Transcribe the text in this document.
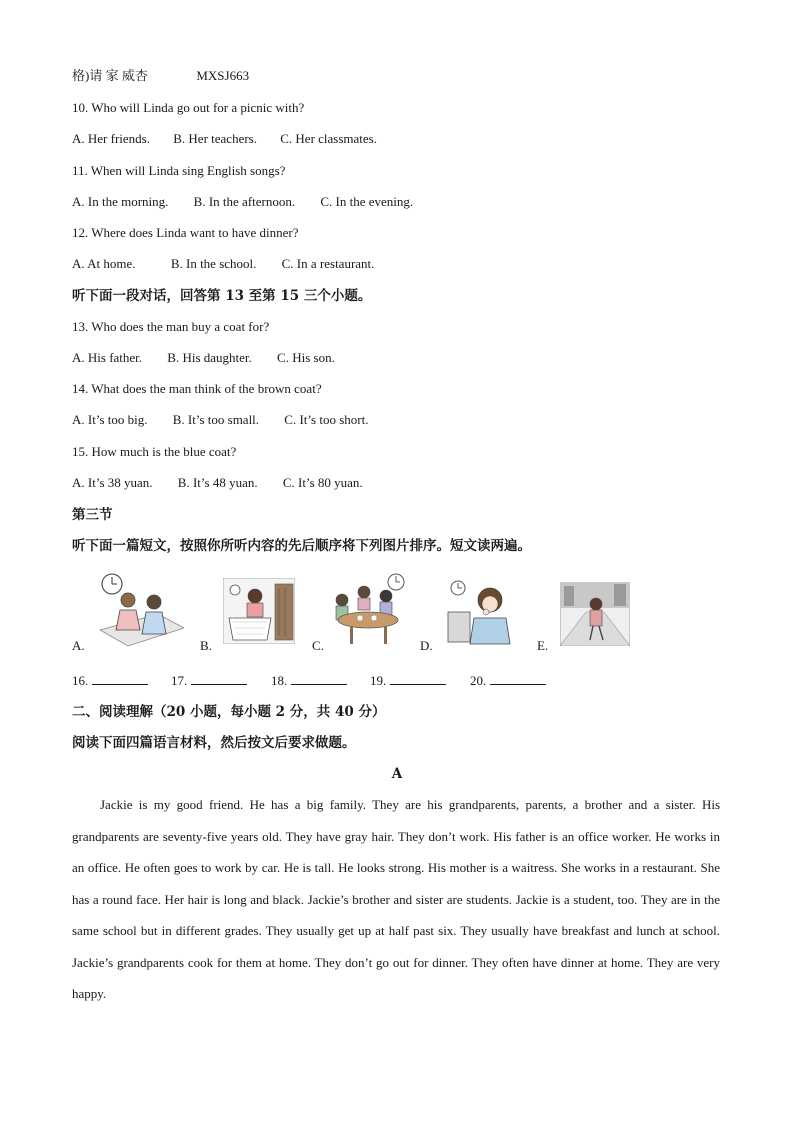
格)请 家 威杏	MXSJ663
10. Who will Linda go out for a picnic with?
A. Her friends. B. Her teachers. C. Her classmates.
11. When will Linda sing English songs?
A. In the morning. B. In the afternoon. C. In the evening.
12. Where does Linda want to have dinner?
A. At home.	B. In the school. C. In a restaurant.
听下面一段对话，回答第 13 至第 15 三个小题。
13. Who does the man buy a coat for?
A. His father. B. His daughter. C. His son.
14. What does the man think of the brown coat?
A. It’s too big. B. It’s too small. C. It’s too short.
15. How much is the blue coat?
A. It’s 38 yuan. B. It’s 48 yuan. C. It’s 80 yuan.
第三节
听下面一篇短文，按照你所听内容的先后顺序将下列图片排序。短文读两遍。
A.	B.	C.	D.	E.
16.	17.	18.	19.	20.
二、阅读理解（20 小题，每小题 2 分，共 40 分）
阅读下面四篇语言材料，然后按文后要求做题。
A
Jackie is my good friend. He has a big family. They are his grandparents, parents, a brother and a sister. His grandparents are seventy-five years old. They have gray hair. They don’t work. His father is an office worker. He works in an office. He often goes to work by car. He is tall. He looks strong. His mother is a waitress. She works in a restaurant. She has a round face. Her hair is long and black. Jackie’s brother and sister are students. Jackie is a student, too. They are in the same school but in different grades. They usually get up at half past six. They usually have breakfast and lunch at school. Jackie’s grandparents cook for them at home. They don’t go out for dinner. They often have dinner at home. They are very happy.
